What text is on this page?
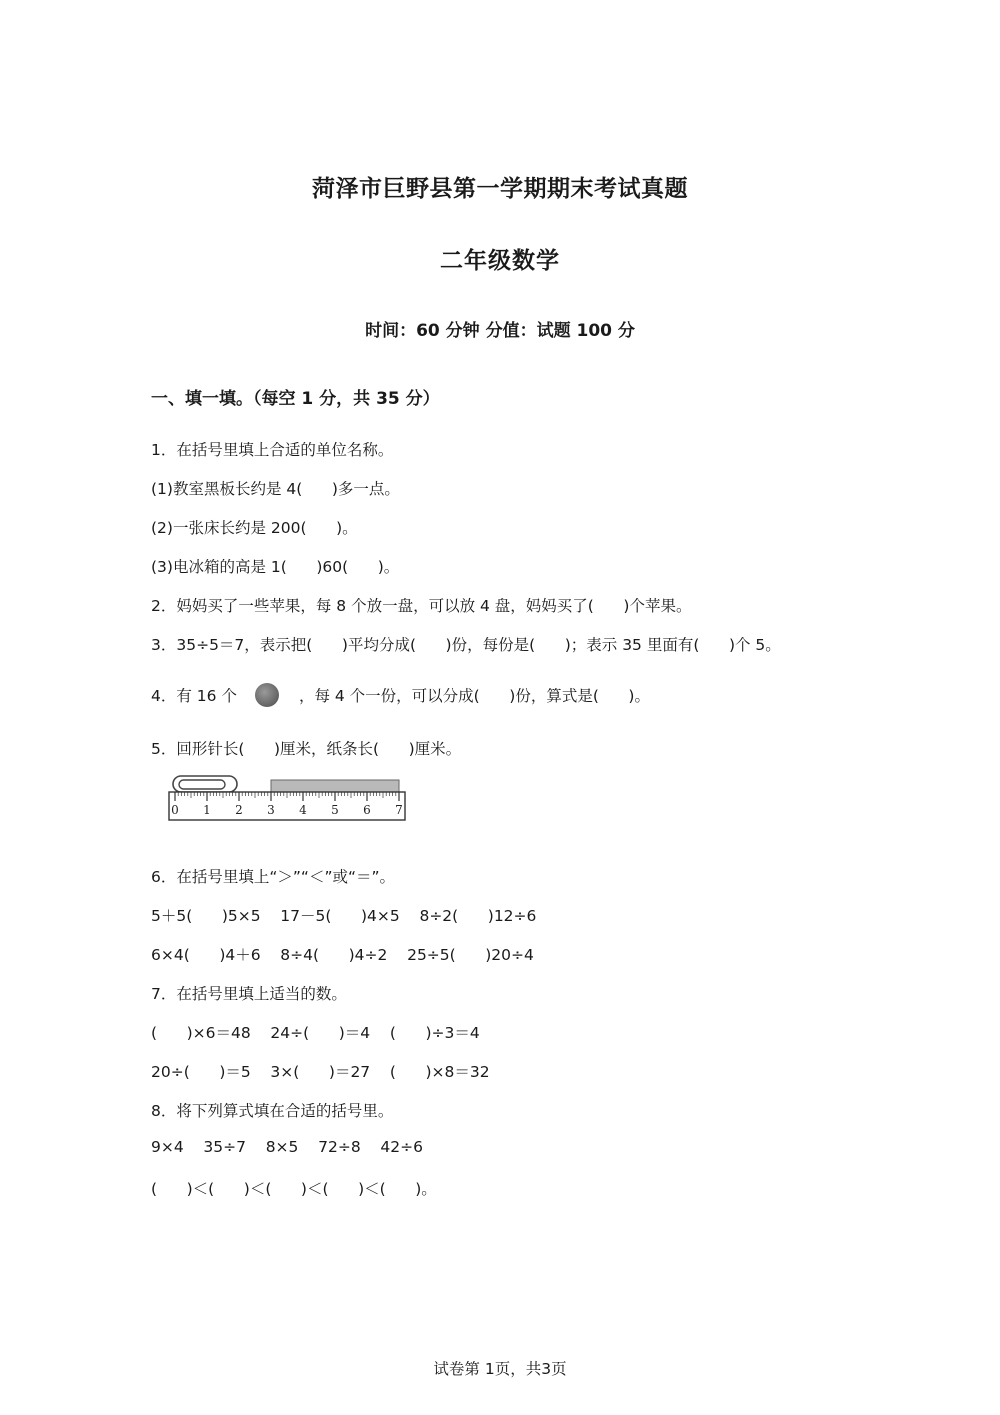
菏泽市巨野县第一学期期末考试真题
二年级数学
时间：60 分钟 分值：试题 100 分
一、填一填。（每空 1 分，共 35 分）
1．在括号里填上合适的单位名称。
(1)教室黑板长约是 4(      )多一点。
(2)一张床长约是 200(      )。
(3)电冰箱的高是 1(      )60(      )。
2．妈妈买了一些苹果，每 8 个放一盘，可以放 4 盘，妈妈买了(      )个苹果。
3．35÷5＝7，表示把(      )平均分成(      )份，每份是(      )；表示 35 里面有(      )个 5。
4．有 16 个	，每 4 个一份，可以分成(      )份，算式是(      )。
5．回形针长(      )厘米，纸条长(      )厘米。
0 1 2 3 4 5 6 7
6．在括号里填上“＞”“＜”或“＝”。
5＋5(      )5×5    17－5(      )4×5    8÷2(      )12÷6
6×4(      )4＋6    8÷4(      )4÷2    25÷5(      )20÷4
7．在括号里填上适当的数。
(      )×6＝48    24÷(      )＝4    (      )÷3＝4
20÷(      )＝5    3×(      )＝27    (      )×8＝32
8．将下列算式填在合适的括号里。
9×4    35÷7    8×5    72÷8    42÷6
(      )＜(      )＜(      )＜(      )＜(      )。
试卷第 1页，共3页
